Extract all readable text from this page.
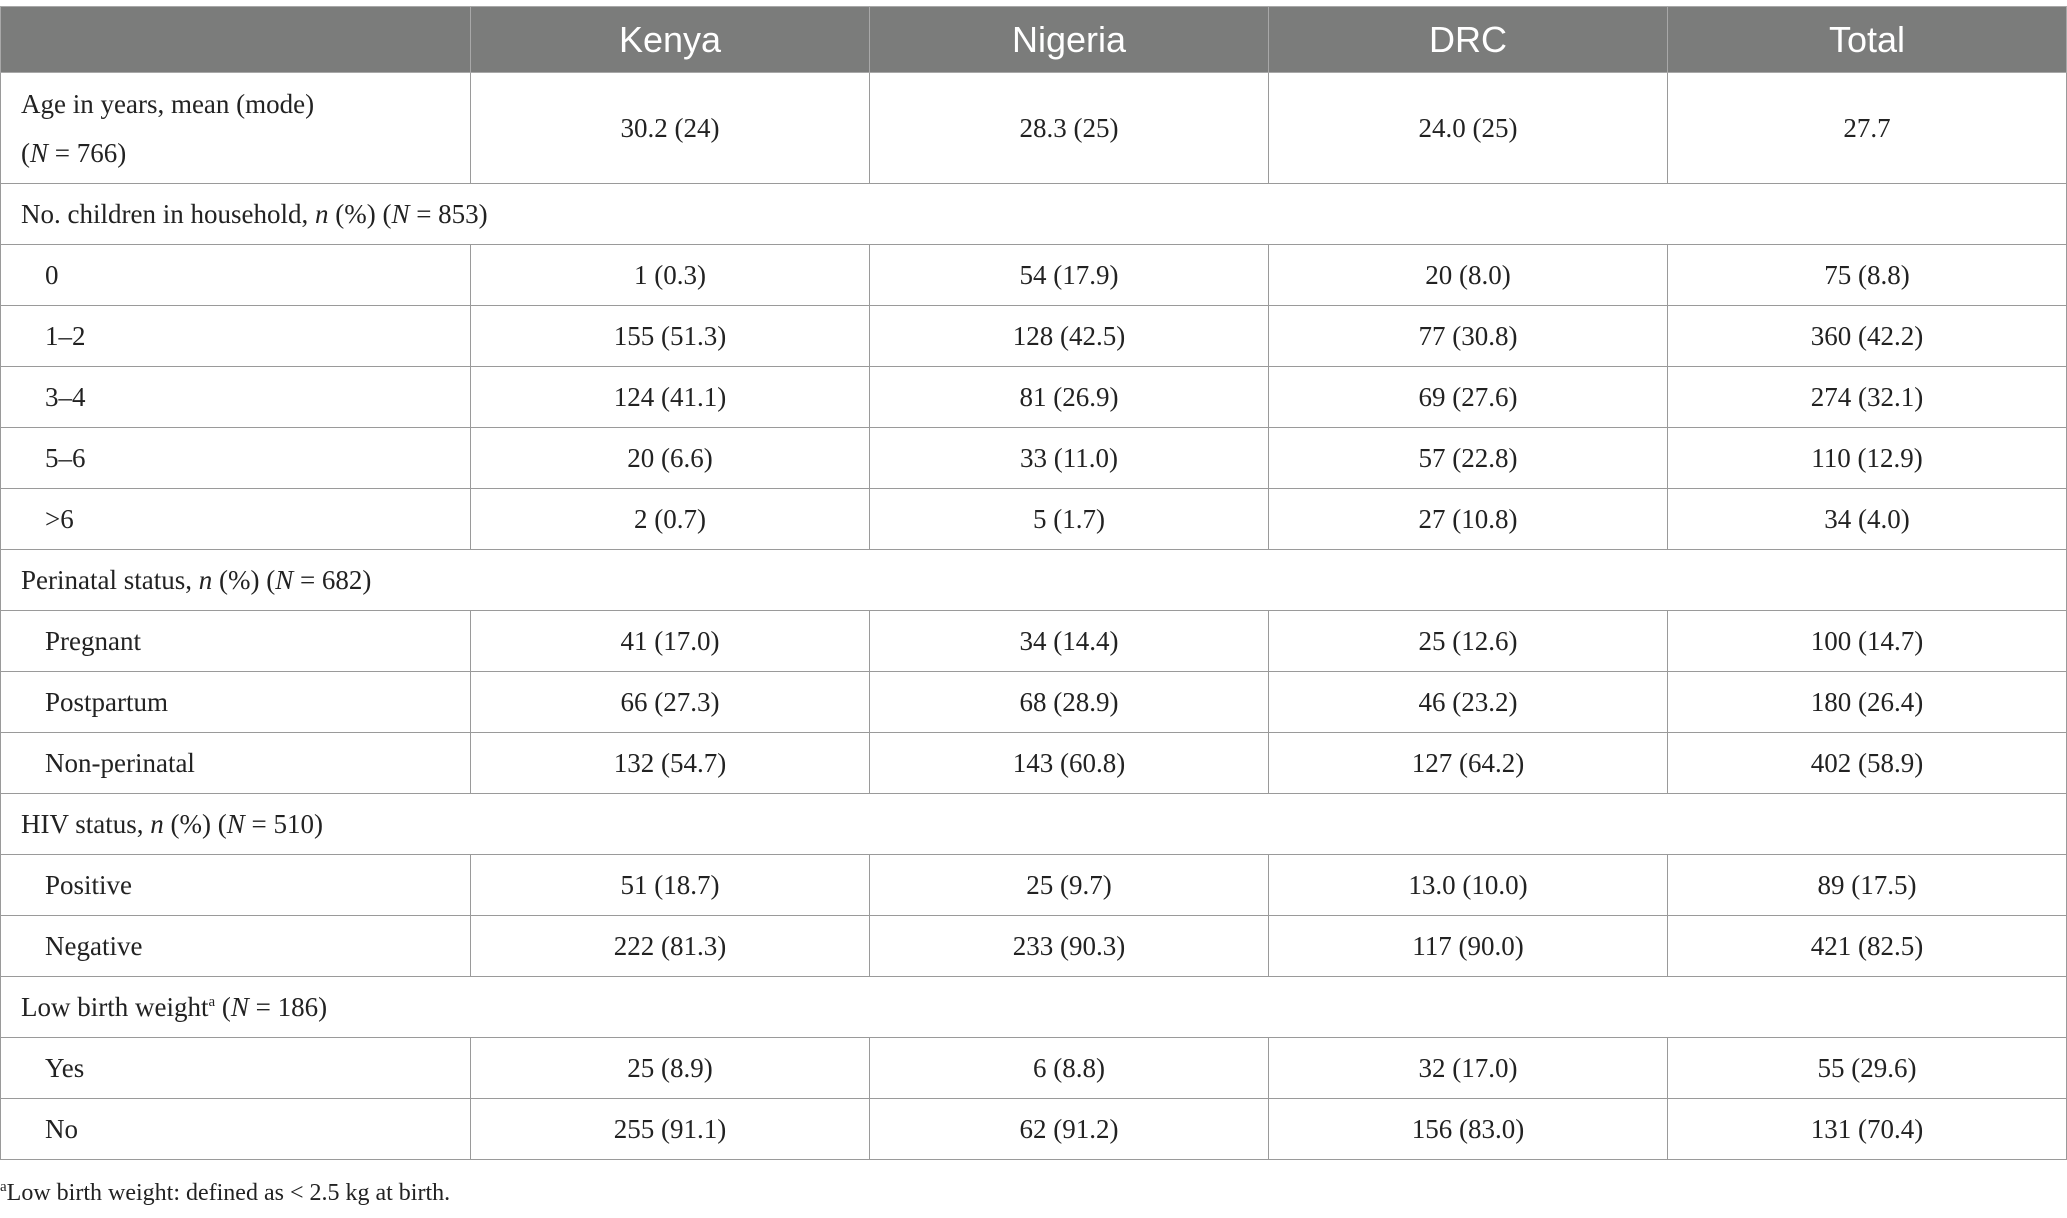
	Kenya	Nigeria	DRC	Total

Age in years, mean (mode)
(N = 766)	30.2 (24)	28.3 (25)	24.0 (25)	27.7
No. children in household, n (%) (N = 853)				
0	1 (0.3)	54 (17.9)	20 (8.0)	75 (8.8)
1–2	155 (51.3)	128 (42.5)	77 (30.8)	360 (42.2)
3–4	124 (41.1)	81 (26.9)	69 (27.6)	274 (32.1)
5–6	20 (6.6)	33 (11.0)	57 (22.8)	110 (12.9)
>6	2 (0.7)	5 (1.7)	27 (10.8)	34 (4.0)
Perinatal status, n (%) (N = 682)				
Pregnant	41 (17.0)	34 (14.4)	25 (12.6)	100 (14.7)
Postpartum	66 (27.3)	68 (28.9)	46 (23.2)	180 (26.4)
Non-perinatal	132 (54.7)	143 (60.8)	127 (64.2)	402 (58.9)
HIV status, n (%) (N = 510)				
Positive	51 (18.7)	25 (9.7)	13.0 (10.0)	89 (17.5)
Negative	222 (81.3)	233 (90.3)	117 (90.0)	421 (82.5)
Low birth weight$^a$ (N = 186)				
Yes	25 (8.9)	6 (8.8)	32 (17.0)	55 (29.6)
No	255 (91.1)	62 (91.2)	156 (83.0)	131 (70.4)
$^a$Low birth weight: defined as < 2.5 kg at birth.
